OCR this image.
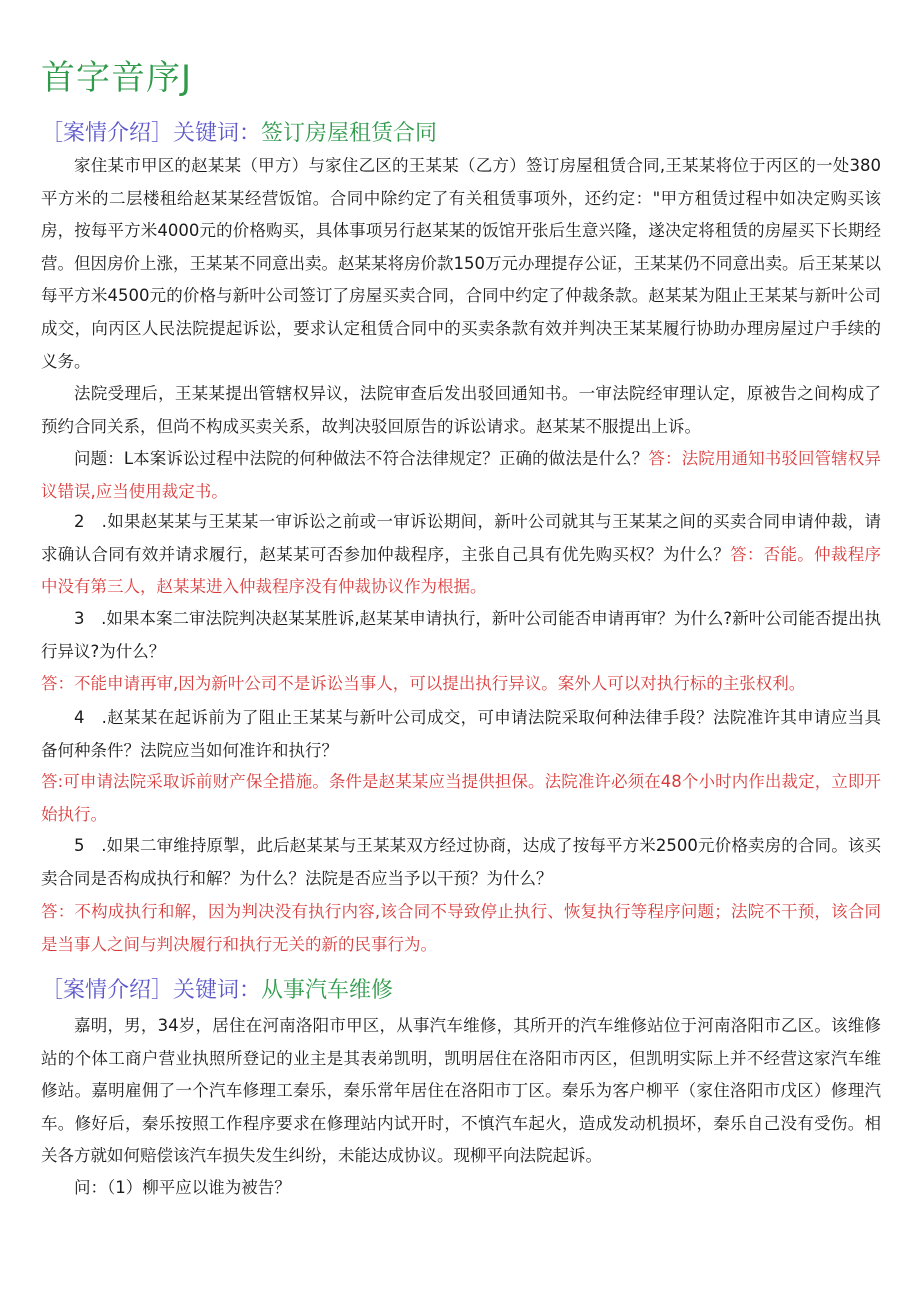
首字音序J
［案情介绍］关键词：签订房屋租赁合同

家住某市甲区的赵某某（甲方）与家住乙区的王某某（乙方）签订房屋租赁合同,王某某将位于丙区的一处380平方米的二层楼租给赵某某经营饭馆。合同中除约定了有关租赁事项外，还约定："甲方租赁过程中如决定购买该房，按每平方米4000元的价格购买，具体事项另行赵某某的饭馆开张后生意兴隆，遂决定将租赁的房屋买下长期经营。但因房价上涨，王某某不同意出卖。赵某某将房价款150万元办理提存公证，王某某仍不同意出卖。后王某某以每平方米4500元的价格与新叶公司签订了房屋买卖合同，合同中约定了仲裁条款。赵某某为阻止王某某与新叶公司成交，向丙区人民法院提起诉讼，要求认定租赁合同中的买卖条款有效并判决王某某履行协助办理房屋过户手续的义务。

法院受理后，王某某提出管辖权异议，法院审查后发出驳回通知书。一审法院经审理认定，原被告之间构成了预约合同关系，但尚不构成买卖关系，故判决驳回原告的诉讼请求。赵某某不服提出上诉。

问题：L本案诉讼过程中法院的何种做法不符合法律规定？正确的做法是什么？答：法院用通知书驳回管辖权异议错误,应当使用裁定书。

2　.如果赵某某与王某某一审诉讼之前或一审诉讼期间，新叶公司就其与王某某之间的买卖合同申请仲裁，请求确认合同有效并请求履行，赵某某可否参加仲裁程序，主张自己具有优先购买权？为什么？答：否能。仲裁程序中没有第三人，赵某某进入仲裁程序没有仲裁协议作为根据。

3　.如果本案二审法院判决赵某某胜诉,赵某某申请执行，新叶公司能否申请再审？为什么?新叶公司能否提出执行异议?为什么？

答：不能申请再审,因为新叶公司不是诉讼当事人，可以提出执行异议。案外人可以对执行标的主张权利。

4　.赵某某在起诉前为了阻止王某某与新叶公司成交，可申请法院采取何种法律手段？法院准许其申请应当具备何种条件？法院应当如何准许和执行？

答:可申请法院采取诉前财产保全措施。条件是赵某某应当提供担保。法院准许必须在48个小时内作出裁定，立即开始执行。

5　.如果二审维持原掣，此后赵某某与王某某双方经过协商，达成了按每平方米2500元价格卖房的合同。该买卖合同是否构成执行和解？为什么？法院是否应当予以干预？为什么？

答：不构成执行和解，因为判决没有执行内容,该合同不导致停止执行、恢复执行等程序问题；法院不干预，该合同是当事人之间与判决履行和执行无关的新的民事行为。

［案情介绍］关键词：从事汽车维修

嘉明，男，34岁，居住在河南洛阳市甲区，从事汽车维修，其所开的汽车维修站位于河南洛阳市乙区。该维修站的个体工商户营业执照所登记的业主是其表弟凯明，凯明居住在洛阳市丙区，但凯明实际上并不经营这家汽车维修站。嘉明雇佣了一个汽车修理工秦乐，秦乐常年居住在洛阳市丁区。秦乐为客户柳平（家住洛阳市戊区）修理汽车。修好后，秦乐按照工作程序要求在修理站内试开时，不慎汽车起火，造成发动机损坏，秦乐自己没有受伤。相关各方就如何赔偿该汽车损失发生纠纷，未能达成协议。现柳平向法院起诉。

问：（1）柳平应以谁为被告？
